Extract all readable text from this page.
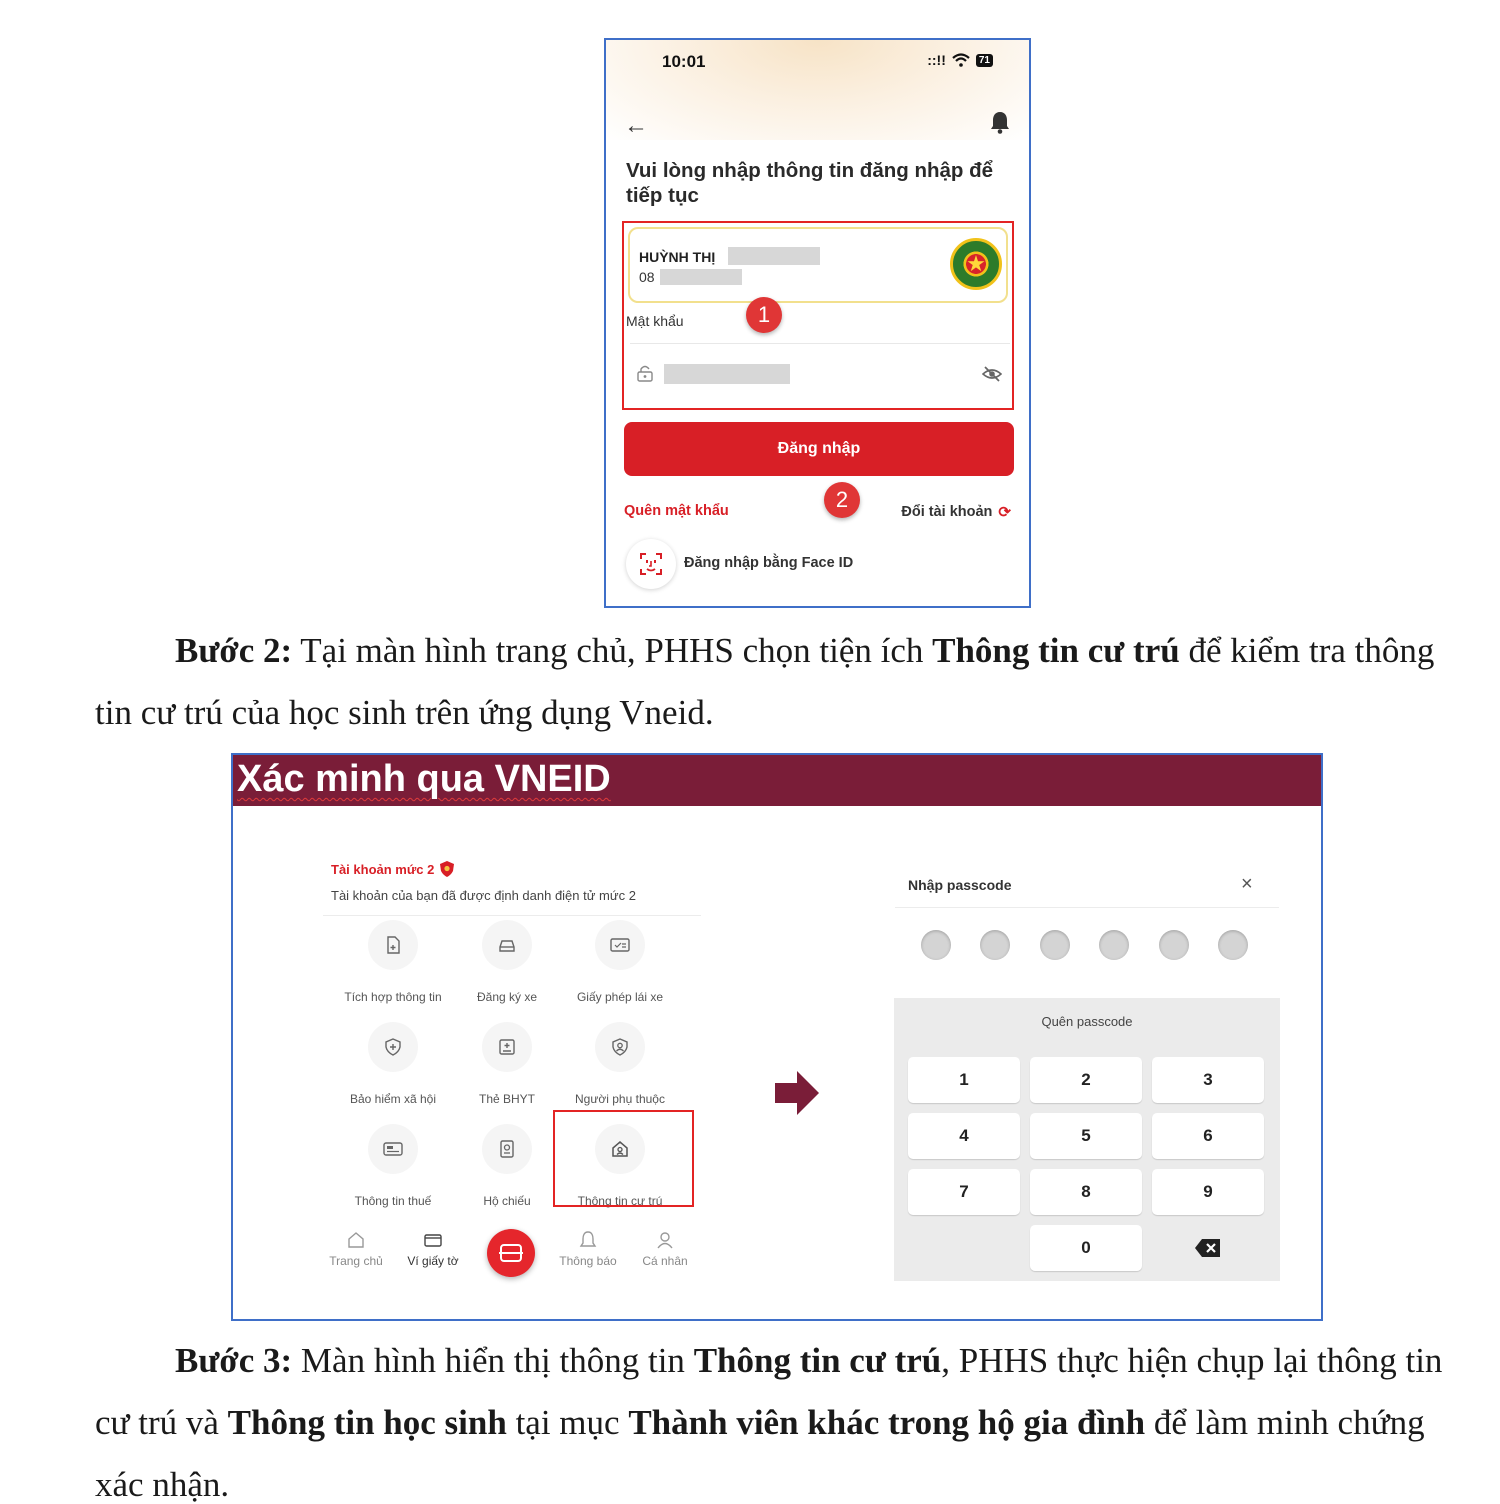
10:01	::!!	71
←
Vui lòng nhập thông tin đăng nhập để tiếp tục
HUỲNH THỊ
08
★
Mật khẩu	1
Đăng nhập
2
Quên mật khẩu	Đổi tài khoản ⟳
Đăng nhập bằng Face ID

Bước 2: Tại màn hình trang chủ, PHHS chọn tiện ích Thông tin cư trú để kiểm tra thông tin cư trú của học sinh trên ứng dụng Vneid.

Xác minh qua VNEID
Tài khoản mức 2
Tài khoản của bạn đã được định danh điện tử mức 2
Tích hợp thông tin	Đăng ký xe	Giấy phép lái xe
Bảo hiểm xã hội	Thẻ BHYT	Người phụ thuộc
Thông tin thuế	Hộ chiếu	Thông tin cư trú
Trang chủ	Ví giấy tờ	Thông báo	Cá nhân
Nhập passcode	×
Quên passcode
1	2	3
4	5	6
7	8	9
0

Bước 3: Màn hình hiển thị thông tin Thông tin cư trú, PHHS thực hiện chụp lại thông tin cư trú và Thông tin học sinh tại mục Thành viên khác trong hộ gia đình để làm minh chứng xác nhận.
